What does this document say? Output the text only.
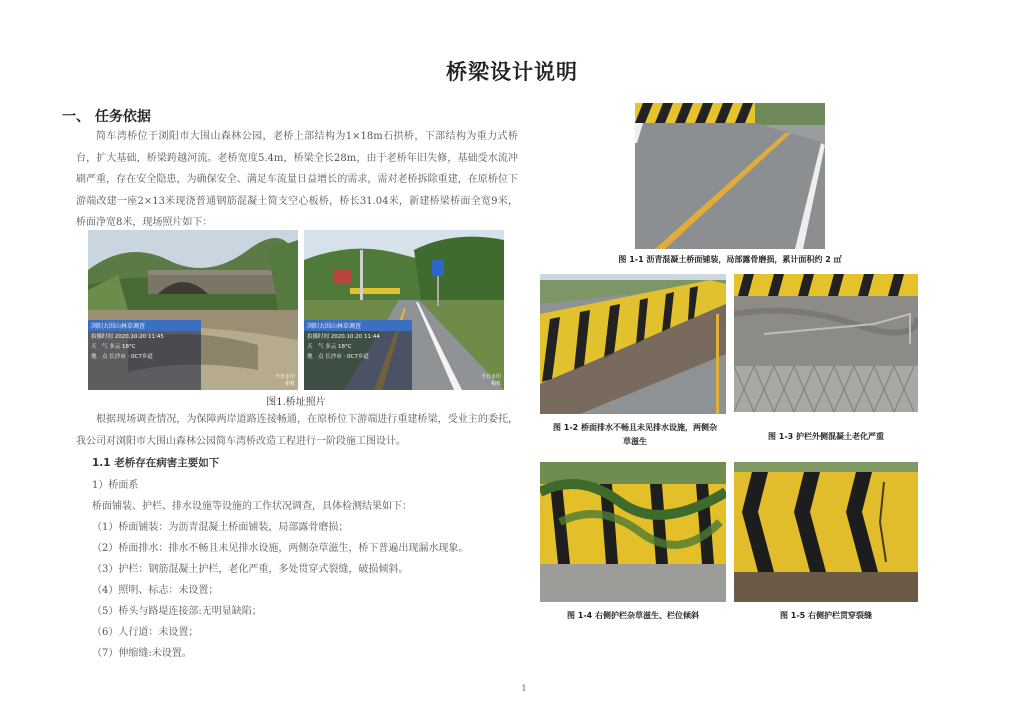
桥梁设计说明
一、 任务依据
简车湾桥位于浏阳市大围山森林公园，老桥上部结构为1×18m石拱桥，下部结构为重力式桥台，扩大基础，桥梁跨越河流。老桥宽度5.4m，桥梁全长28m，由于老桥年旧失修，基础受水流冲刷严重，存在安全隐患，为确保安全、满足车流量日益增长的需求，需对老桥拆除重建，在原桥位下游端改建一座2×13米现浇普通钢筋混凝土简支空心板桥，桥长31.04米，新建桥梁桥面全宽9米，桥面净宽8米，现场照片如下：
浏阳大围山林草调查
拍摄时间 2020.10.20 11:45
天　气 多云 18°C
地　点 长沙市 · 0C7乡道
今日水印
相机
浏阳大围山林草调查
拍摄时间 2020.10.20 11:44
天　气 多云 18°C
地　点 长沙市 · 0C7乡道
今日水印
相机
图1.桥址照片
根据现场调查情况，为保障两岸道路连接畅通，在原桥位下游端进行重建桥梁，受业主的委托，我公司对浏阳市大围山森林公园简车湾桥改造工程进行一阶段施工图设计。
1.1 老桥存在病害主要如下
1）桥面系
桥面铺装、护栏、排水设施等设施的工作状况调查，具体检测结果如下：
（1）桥面铺装：为沥青混凝土桥面铺装，局部露骨磨损；
（2）桥面排水：排水不畅且未见排水设施，两侧杂草滋生，桥下普遍出现漏水现象。
（3）护栏：钢筋混凝土护栏，老化严重，多处贯穿式裂缝，破损倾斜。
（4）照明、标志：未设置；
（5）桥头与路堤连接部:无明显缺陷；
（6）人行道：未设置；
（7）伸缩缝:未设置。
图 1-1 沥青混凝土桥面铺装，局部露骨磨损，累计面积约 2 ㎡
图 1-2 桥面排水不畅且未见排水设施，两侧杂
草滋生
图 1-3 护栏外侧混凝土老化严重
图 1-4 右侧护栏杂草滋生、栏位倾斜	图 1-5 右侧护栏贯穿裂缝
1
